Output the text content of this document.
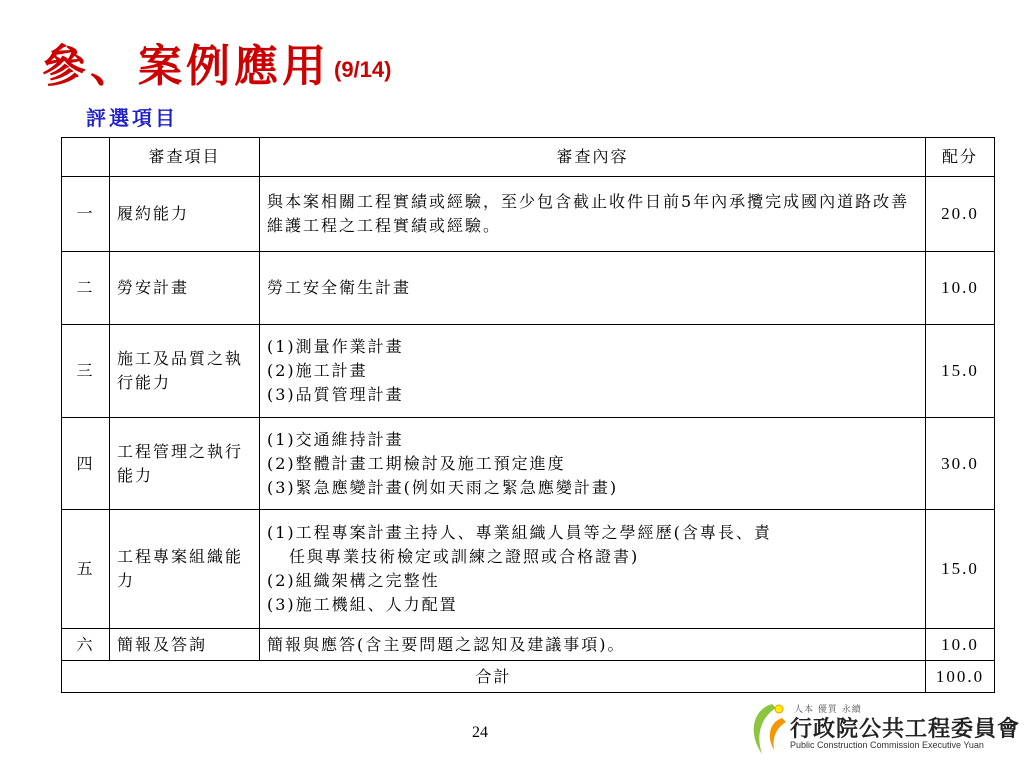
參、案例應用 (9/14)
評選項目
	審查項目	審查內容	配分
一	履約能力	與本案相關工程實績或經驗，至少包含截止收件日前5年內承攬完成國內道路改善維護工程之工程實績或經驗。	20.0
二	勞安計畫	勞工安全衛生計畫	10.0
三	施工及品質之執行能力	(1)測量作業計畫
(2)施工計畫
(3)品質管理計畫	15.0
四	工程管理之執行能力	(1)交通維持計畫
(2)整體計畫工期檢討及施工預定進度
(3)緊急應變計畫(例如天雨之緊急應變計畫)	30.0
五	工程專案組織能力	(1)工程專案計畫主持人、專業組織人員等之學經歷(含專長、責
任與專業技術檢定或訓練之證照或合格證書)
(2)組織架構之完整性
(3)施工機組、人力配置	15.0
六	簡報及答詢	簡報與應答(含主要問題之認知及建議事項)。	10.0
合計			100.0
24
人本 優質 永續
行政院公共工程委員會
Public Construction Commission Executive Yuan
